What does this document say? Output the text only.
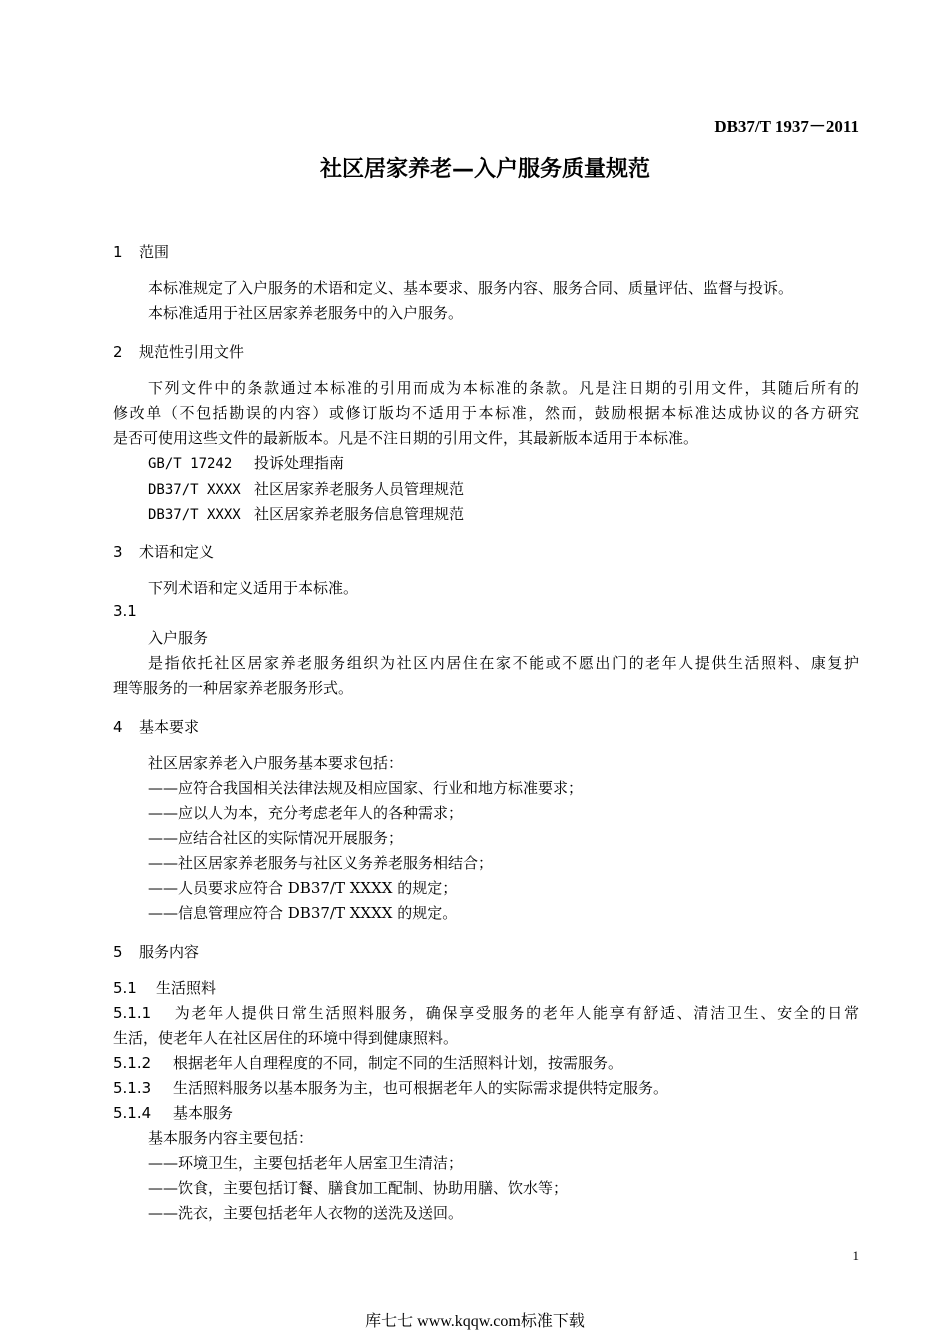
DB37/T 1937－2011
社区居家养老—入户服务质量规范
1 范围
本标准规定了入户服务的术语和定义、基本要求、服务内容、服务合同、质量评估、监督与投诉。
本标准适用于社区居家养老服务中的入户服务。
2 规范性引用文件
下列文件中的条款通过本标准的引用而成为本标准的条款。凡是注日期的引用文件，其随后所有的
修改单（不包括勘误的内容）或修订版均不适用于本标准，然而，鼓励根据本标准达成协议的各方研究
是否可使用这些文件的最新版本。凡是不注日期的引用文件，其最新版本适用于本标准。
GB/T 17242 投诉处理指南
DB37/T XXXX 社区居家养老服务人员管理规范
DB37/T XXXX 社区居家养老服务信息管理规范
3 术语和定义
下列术语和定义适用于本标准。
3.1
入户服务
是指依托社区居家养老服务组织为社区内居住在家不能或不愿出门的老年人提供生活照料、康复护
理等服务的一种居家养老服务形式。
4 基本要求
社区居家养老入户服务基本要求包括：
——应符合我国相关法律法规及相应国家、行业和地方标准要求；
——应以人为本，充分考虑老年人的各种需求；
——应结合社区的实际情况开展服务；
——社区居家养老服务与社区义务养老服务相结合；
——人员要求应符合 DB37/T XXXX 的规定；
——信息管理应符合 DB37/T XXXX 的规定。
5 服务内容
5.1 生活照料
5.1.1 为老年人提供日常生活照料服务，确保享受服务的老年人能享有舒适、清洁卫生、安全的日常
生活，使老年人在社区居住的环境中得到健康照料。
5.1.2 根据老年人自理程度的不同，制定不同的生活照料计划，按需服务。
5.1.3 生活照料服务以基本服务为主，也可根据老年人的实际需求提供特定服务。
5.1.4 基本服务
基本服务内容主要包括：
——环境卫生，主要包括老年人居室卫生清洁；
——饮食，主要包括订餐、膳食加工配制、协助用膳、饮水等；
——洗衣，主要包括老年人衣物的送洗及送回。
1
库七七 www.kqqw.com标准下载
